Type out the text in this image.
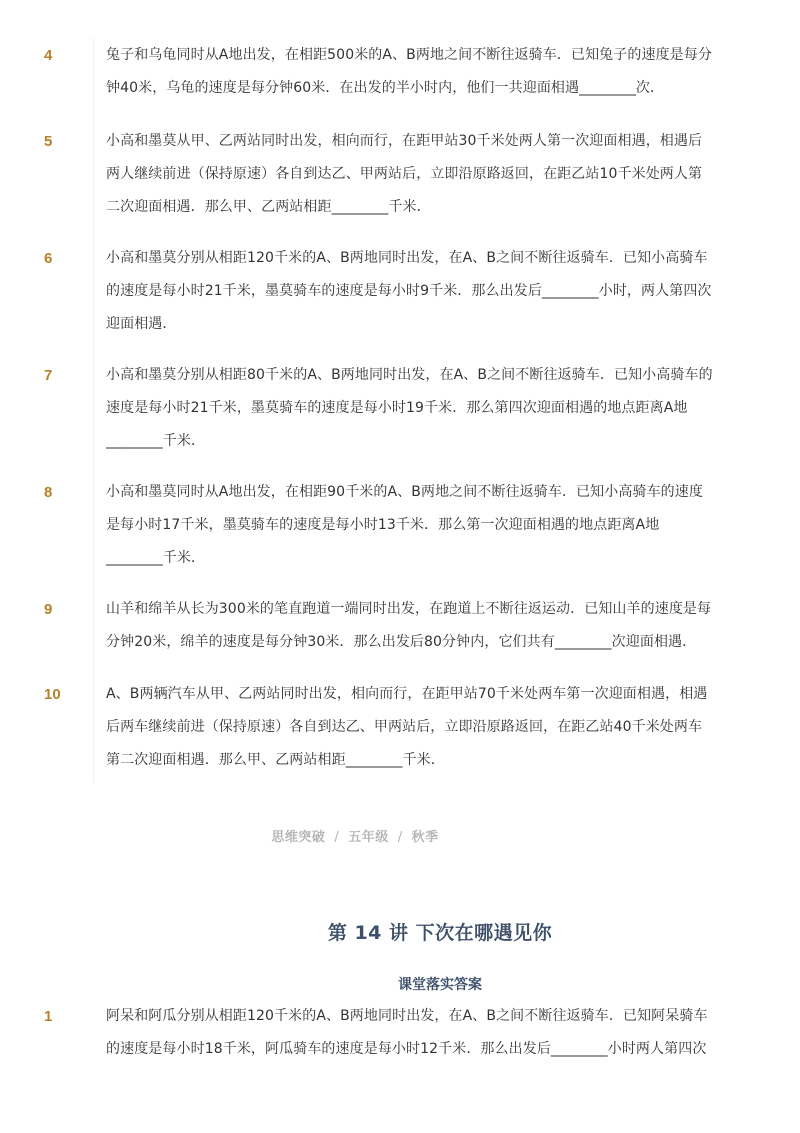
4	兔子和乌龟同时从A地出发，在相距500米的A、B两地之间不断往返骑车．已知兔子的速度是每分
钟40米，乌龟的速度是每分钟60米．在出发的半小时内，他们一共迎面相遇________次．
5	小高和墨莫从甲、乙两站同时出发，相向而行，在距甲站30千米处两人第一次迎面相遇，相遇后
两人继续前进（保持原速）各自到达乙、甲两站后，立即沿原路返回，在距乙站10千米处两人第
二次迎面相遇．那么甲、乙两站相距________千米．
6	小高和墨莫分别从相距120千米的A、B两地同时出发，在A、B之间不断往返骑车．已知小高骑车
的速度是每小时21千米，墨莫骑车的速度是每小时9千米．那么出发后________小时，两人第四次
迎面相遇．
7	小高和墨莫分别从相距80千米的A、B两地同时出发，在A、B之间不断往返骑车．已知小高骑车的
速度是每小时21千米，墨莫骑车的速度是每小时19千米．那么第四次迎面相遇的地点距离A地
________千米．
8	小高和墨莫同时从A地出发，在相距90千米的A、B两地之间不断往返骑车．已知小高骑车的速度
是每小时17千米，墨莫骑车的速度是每小时13千米．那么第一次迎面相遇的地点距离A地
________千米．
9	山羊和绵羊从长为300米的笔直跑道一端同时出发，在跑道上不断往返运动．已知山羊的速度是每
分钟20米，绵羊的速度是每分钟30米．那么出发后80分钟内，它们共有________次迎面相遇．
10	A、B两辆汽车从甲、乙两站同时出发，相向而行，在距甲站70千米处两车第一次迎面相遇，相遇
后两车继续前进（保持原速）各自到达乙、甲两站后，立即沿原路返回，在距乙站40千米处两车
第二次迎面相遇．那么甲、乙两站相距________千米．
思维突破 / 五年级 / 秋季
第 14 讲 下次在哪遇见你
课堂落实答案
1	阿呆和阿瓜分别从相距120千米的A、B两地同时出发，在A、B之间不断往返骑车．已知阿呆骑车
的速度是每小时18千米，阿瓜骑车的速度是每小时12千米．那么出发后________小时两人第四次
